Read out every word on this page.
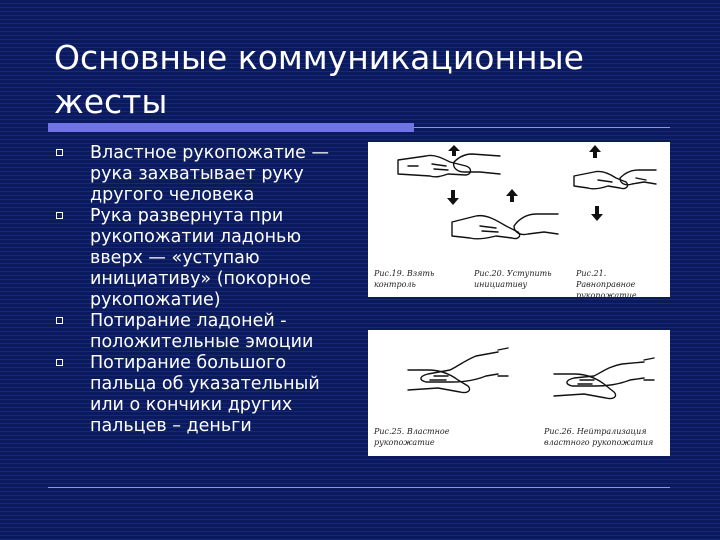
Основные коммуникационные жесты
Властное рукопожатие — рука захватывает руку другого человека
Рука развернута при рукопожатии ладонью вверх — «уступаю инициативу» (покорное рукопожатие)
Потирание ладоней - положительные эмоции
Потирание большого пальца об указательный или о кончики других пальцев – деньги
Рис.19. Взять контроль
Рис.20. Уступить инициативу
Рис.21. Равноправное рукопожатие
Рис.25. Властное рукопожатие
Рис.26. Нейтрализация властного рукопожатия
